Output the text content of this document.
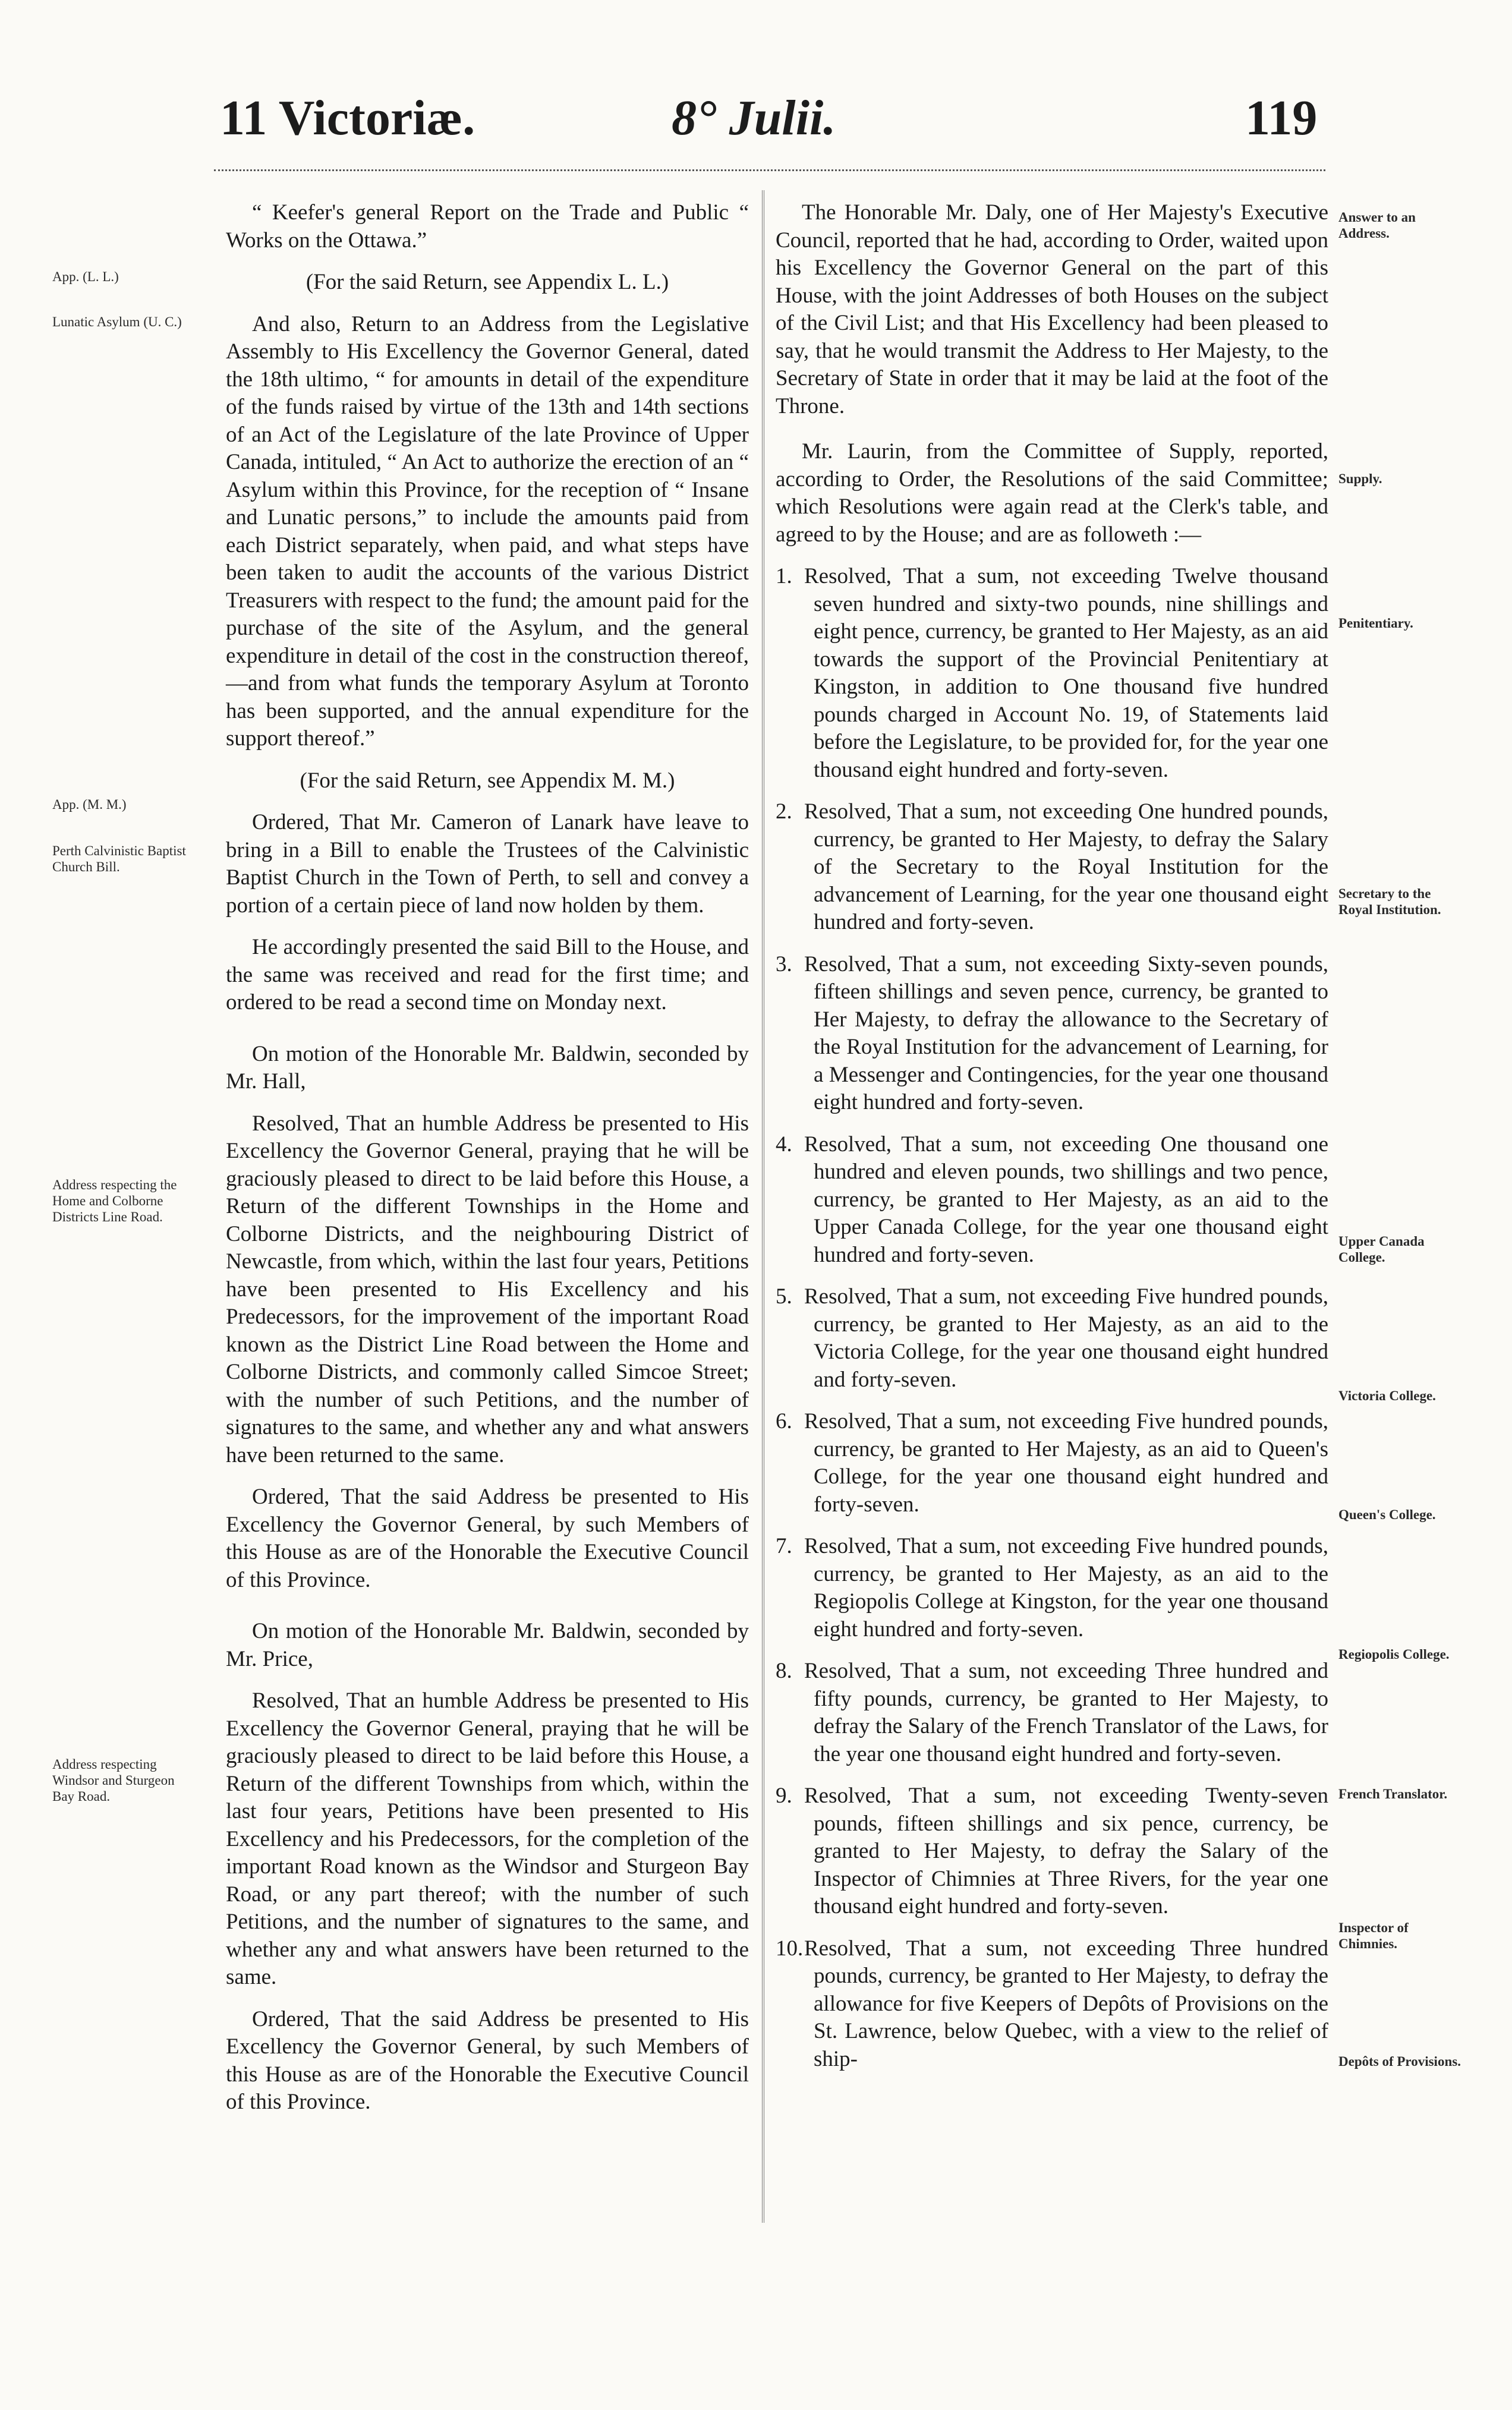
11 Victoriæ.	8° Julii.	119
App. (L. L.)
Lunatic Asylum (U. C.)
App. (M. M.)
Perth Calvinistic Baptist Church Bill.
Address respecting the Home and Colborne Districts Line Road.
Address respecting Windsor and Sturgeon Bay Road.
Answer to an Address.
Supply.
Penitentiary.
Secretary to the Royal Institution.
Upper Canada College.
Victoria College.
Queen's College.
Regiopolis College.
French Translator.
Inspector of Chimnies.
Depôts of Provisions.

“ Keefer's general Report on the Trade and Public “ Works on the Ottawa.”

(For the said Return, see Appendix L. L.)

And also, Return to an Address from the Legislative Assembly to His Excellency the Governor General, dated the 18th ultimo, “ for amounts in detail of the expenditure of the funds raised by virtue of the 13th and 14th sections of an Act of the Legislature of the late Province of Upper Canada, intituled, “ An Act to authorize the erection of an “ Asylum within this Province, for the reception of “ Insane and Lunatic persons,” to include the amounts paid from each District separately, when paid, and what steps have been taken to audit the accounts of the various District Treasurers with respect to the fund; the amount paid for the purchase of the site of the Asylum, and the general expenditure in detail of the cost in the construction thereof,—and from what funds the temporary Asylum at Toronto has been supported, and the annual expenditure for the support thereof.”

(For the said Return, see Appendix M. M.)

Ordered, That Mr. Cameron of Lanark have leave to bring in a Bill to enable the Trustees of the Calvinistic Baptist Church in the Town of Perth, to sell and convey a portion of a certain piece of land now holden by them.

He accordingly presented the said Bill to the House, and the same was received and read for the first time; and ordered to be read a second time on Monday next.

On motion of the Honorable Mr. Baldwin, seconded by Mr. Hall,

Resolved, That an humble Address be presented to His Excellency the Governor General, praying that he will be graciously pleased to direct to be laid before this House, a Return of the different Townships in the Home and Colborne Districts, and the neighbouring District of Newcastle, from which, within the last four years, Petitions have been presented to His Excellency and his Predecessors, for the improvement of the important Road known as the District Line Road between the Home and Colborne Districts, and commonly called Simcoe Street; with the number of such Petitions, and the number of signatures to the same, and whether any and what answers have been returned to the same.

Ordered, That the said Address be presented to His Excellency the Governor General, by such Members of this House as are of the Honorable the Executive Council of this Province.

On motion of the Honorable Mr. Baldwin, seconded by Mr. Price,

Resolved, That an humble Address be presented to His Excellency the Governor General, praying that he will be graciously pleased to direct to be laid before this House, a Return of the different Townships from which, within the last four years, Petitions have been presented to His Excellency and his Predecessors, for the completion of the important Road known as the Windsor and Sturgeon Bay Road, or any part thereof; with the number of such Petitions, and the number of signatures to the same, and whether any and what answers have been returned to the same.

Ordered, That the said Address be presented to His Excellency the Governor General, by such Members of this House as are of the Honorable the Executive Council of this Province.

The Honorable Mr. Daly, one of Her Majesty's Executive Council, reported that he had, according to Order, waited upon his Excellency the Governor General on the part of this House, with the joint Addresses of both Houses on the subject of the Civil List; and that His Excellency had been pleased to say, that he would transmit the Address to Her Majesty, to the Secretary of State in order that it may be laid at the foot of the Throne.

Mr. Laurin, from the Committee of Supply, reported, according to Order, the Resolutions of the said Committee; which Resolutions were again read at the Clerk's table, and agreed to by the House; and are as followeth :—

1. Resolved, That a sum, not exceeding Twelve thousand seven hundred and sixty-two pounds, nine shillings and eight pence, currency, be granted to Her Majesty, as an aid towards the support of the Provincial Penitentiary at Kingston, in addition to One thousand five hundred pounds charged in Account No. 19, of Statements laid before the Legislature, to be provided for, for the year one thousand eight hundred and forty-seven.

2. Resolved, That a sum, not exceeding One hundred pounds, currency, be granted to Her Majesty, to defray the Salary of the Secretary to the Royal Institution for the advancement of Learning, for the year one thousand eight hundred and forty-seven.

3. Resolved, That a sum, not exceeding Sixty-seven pounds, fifteen shillings and seven pence, currency, be granted to Her Majesty, to defray the allowance to the Secretary of the Royal Institution for the advancement of Learning, for a Messenger and Contingencies, for the year one thousand eight hundred and forty-seven.

4. Resolved, That a sum, not exceeding One thousand one hundred and eleven pounds, two shillings and two pence, currency, be granted to Her Majesty, as an aid to the Upper Canada College, for the year one thousand eight hundred and forty-seven.

5. Resolved, That a sum, not exceeding Five hundred pounds, currency, be granted to Her Majesty, as an aid to the Victoria College, for the year one thousand eight hundred and forty-seven.

6. Resolved, That a sum, not exceeding Five hundred pounds, currency, be granted to Her Majesty, as an aid to Queen's College, for the year one thousand eight hundred and forty-seven.

7. Resolved, That a sum, not exceeding Five hundred pounds, currency, be granted to Her Majesty, as an aid to the Regiopolis College at Kingston, for the year one thousand eight hundred and forty-seven.

8. Resolved, That a sum, not exceeding Three hundred and fifty pounds, currency, be granted to Her Majesty, to defray the Salary of the French Translator of the Laws, for the year one thousand eight hundred and forty-seven.

9. Resolved, That a sum, not exceeding Twenty-seven pounds, fifteen shillings and six pence, currency, be granted to Her Majesty, to defray the Salary of the Inspector of Chimnies at Three Rivers, for the year one thousand eight hundred and forty-seven.

10.Resolved, That a sum, not exceeding Three hundred pounds, currency, be granted to Her Majesty, to defray the allowance for five Keepers of Depôts of Provisions on the St. Lawrence, below Quebec, with a view to the relief of ship-
